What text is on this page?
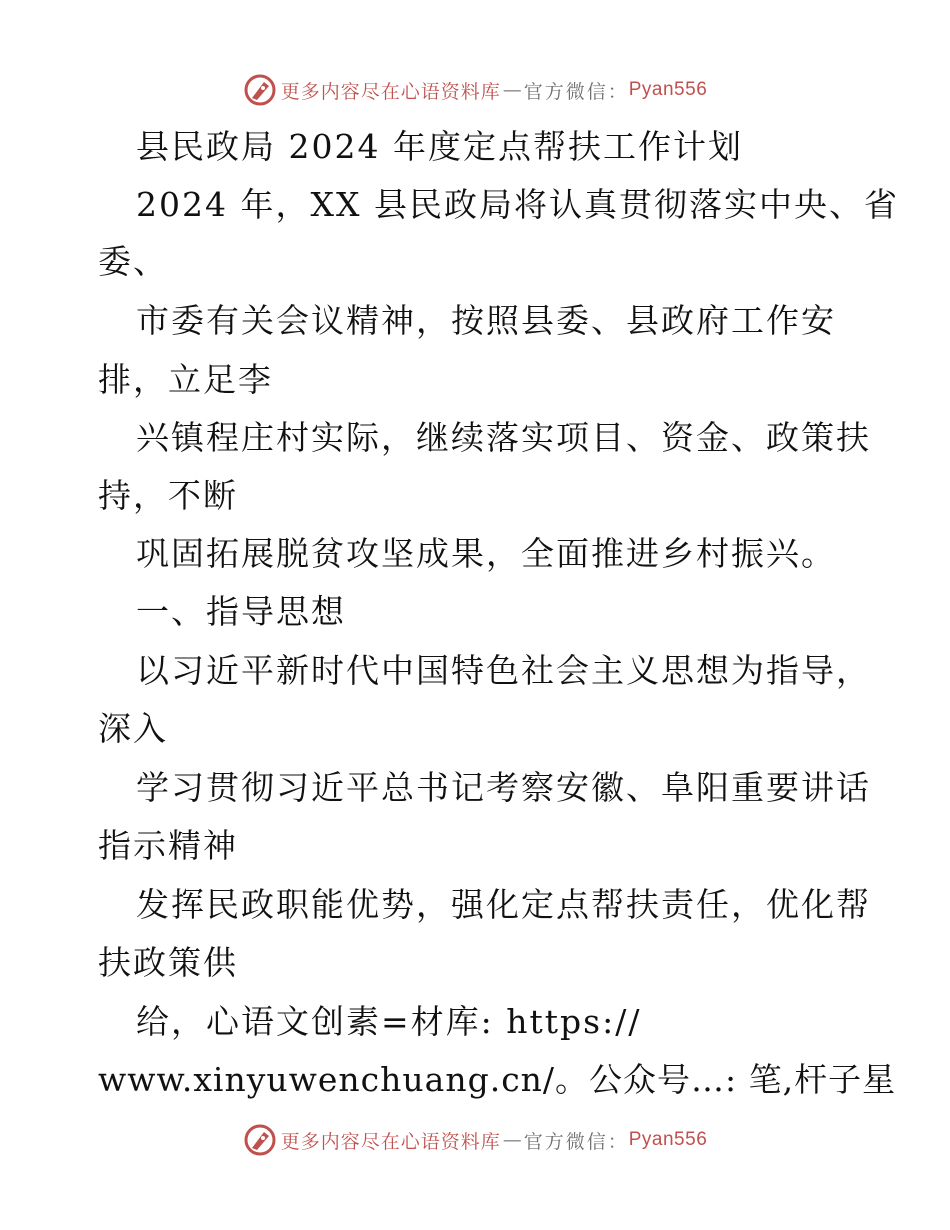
更多内容尽在心语资料库 — 官方微信： Pyan556
县民政局 2024 年度定点帮扶工作计划
2024 年，XX 县民政局将认真贯彻落实中央、省
委、
市委有关会议精神，按照县委、县政府工作安
排，立足李
兴镇程庄村实际，继续落实项目、资金、政策扶
持，不断
巩固拓展脱贫攻坚成果，全面推进乡村振兴。
一、指导思想
以习近平新时代中国特色社会主义思想为指导，
深入
学习贯彻习近平总书记考察安徽、阜阳重要讲话
指示精神
发挥民政职能优势，强化定点帮扶责任，优化帮
扶政策供
给，心语文创素=材库: https://
www.xinyuwenchuang.cn/。公众号…: 笔,杆子星
更多内容尽在心语资料库 — 官方微信： Pyan556
